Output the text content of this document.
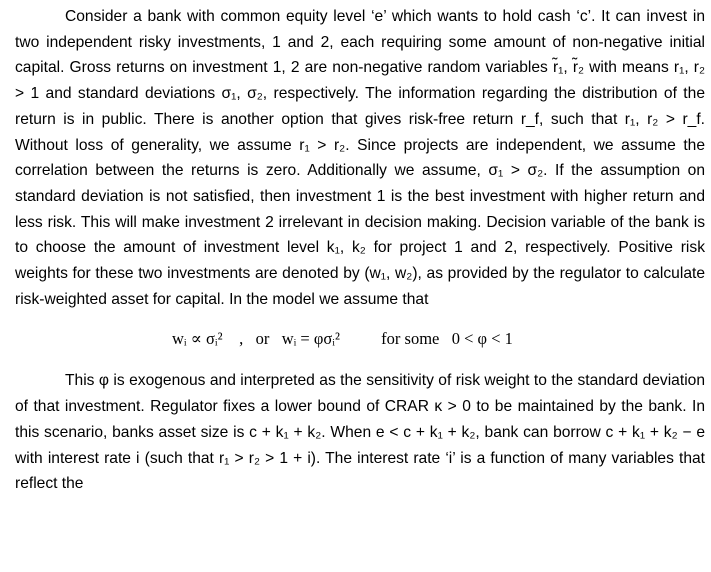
Consider a bank with common equity level ‘e’ which wants to hold cash ‘c’. It can invest in two independent risky investments, 1 and 2, each requiring some amount of non-negative initial capital. Gross returns on investment 1, 2 are non-negative random variables r̃₁, r̃₂ with means r₁, r₂ > 1 and standard deviations σ₁, σ₂, respectively. The information regarding the distribution of the return is in public. There is another option that gives risk-free return r_f, such that r₁, r₂ > r_f. Without loss of generality, we assume r₁ > r₂. Since projects are independent, we assume the correlation between the returns is zero. Additionally we assume, σ₁ > σ₂. If the assumption on standard deviation is not satisfied, then investment 1 is the best investment with higher return and less risk. This will make investment 2 irrelevant in decision making. Decision variable of the bank is to choose the amount of investment level k₁, k₂ for project 1 and 2, respectively. Positive risk weights for these two investments are denoted by (w₁, w₂), as provided by the regulator to calculate risk-weighted asset for capital. In the model we assume that

wᵢ ∝ σᵢ²    ,   or   wᵢ = φσᵢ²          for some   0 < φ < 1

This φ is exogenous and interpreted as the sensitivity of risk weight to the standard deviation of that investment. Regulator fixes a lower bound of CRAR κ > 0 to be maintained by the bank. In this scenario, banks asset size is c + k₁ + k₂. When e < c + k₁ + k₂, bank can borrow c + k₁ + k₂ − e with interest rate i (such that r₁ > r₂ > 1 + i). The interest rate ‘i’ is a function of many variables that reflect the
